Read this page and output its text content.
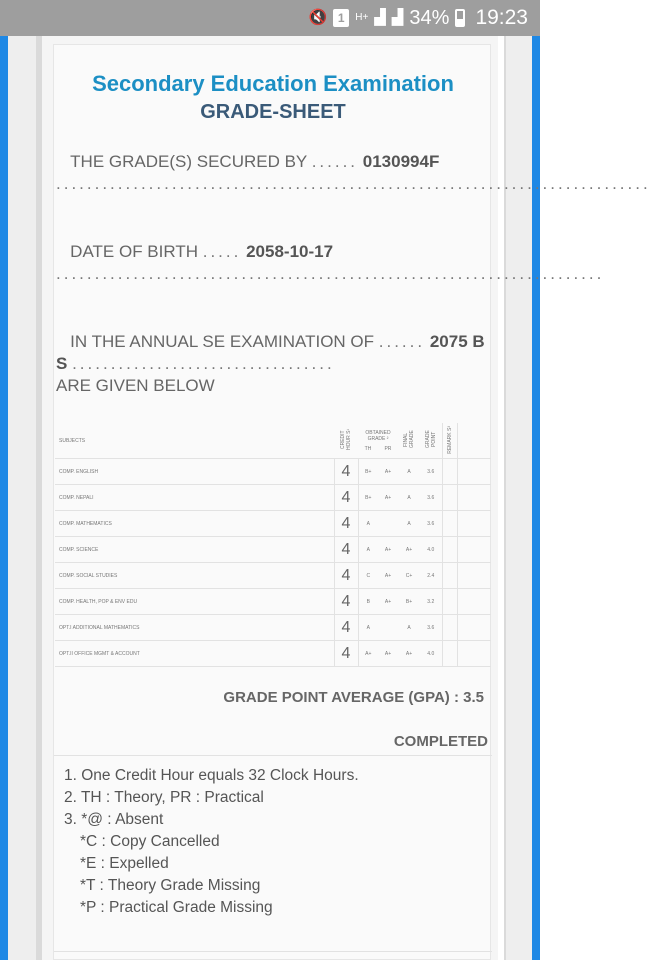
🔇 1	H+ ▟ ▟ 34% 19:23
Secondary Education Examination
GRADE-SHEET
THE GRADE(S) SECURED BY ...... 0130994F .............................................................................
DATE OF BIRTH ..... 2058-10-17 .......................................................................
IN THE ANNUAL SE EXAMINATION OF ...... 2075 BS ..................................
ARE GIVEN BELOW
SUBJECTS	CREDIT HOUR S¹	OBTAINED GRADE ²
TH PR		FINAL GRADE	GRADE POINT	REMARK S³	
COMP. ENGLISH	4	B+	A+	A	3.6		
COMP. NEPALI	4	B+	A+	A	3.6		
COMP. MATHEMATICS	4	A		A	3.6		
COMP. SCIENCE	4	A	A+	A+	4.0		
COMP. SOCIAL STUDIES	4	C	A+	C+	2.4		
COMP. HEALTH, POP & ENV EDU	4	B	A+	B+	3.2		
OPT.I ADDITIONAL MATHEMATICS	4	A		A	3.6		
OPT.II OFFICE MGMT & ACCOUNT	4	A+	A+	A+	4.0		
GRADE POINT AVERAGE (GPA) : 3.5
COMPLETED
1. One Credit Hour equals 32 Clock Hours.
2. TH : Theory, PR : Practical
3. *@ : Absent
*C : Copy Cancelled
*E : Expelled
*T : Theory Grade Missing
*P : Practical Grade Missing
